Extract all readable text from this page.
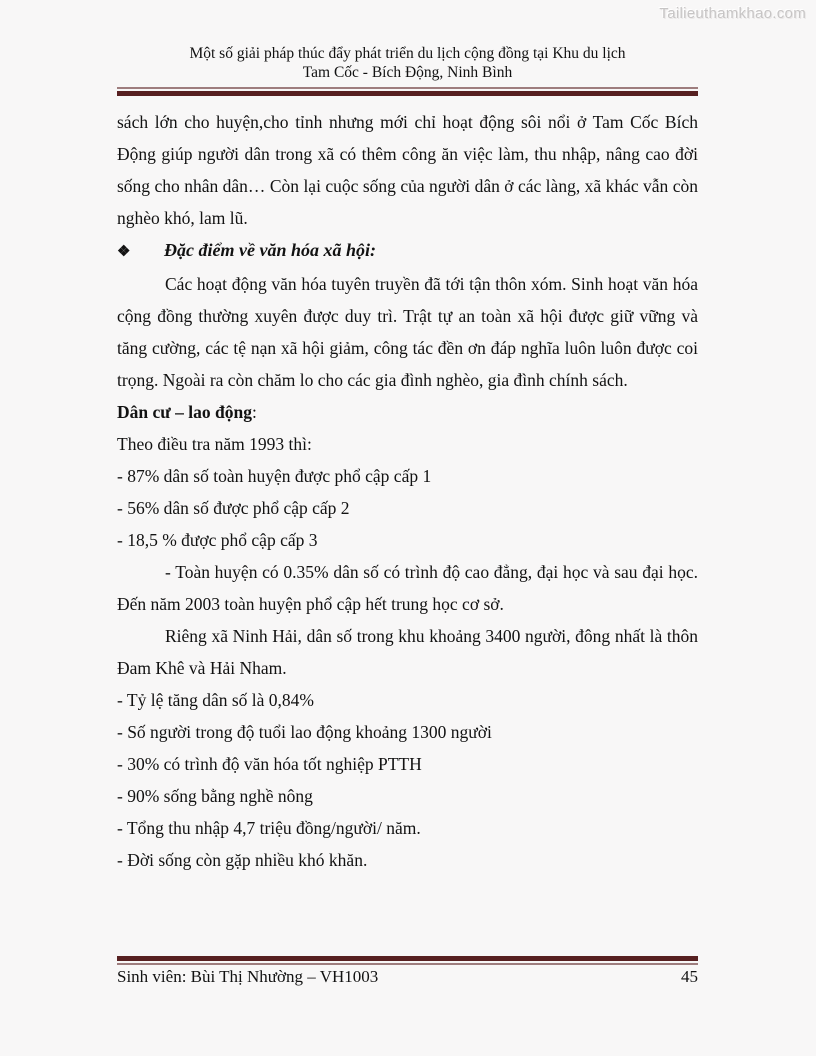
Tailieuthamkhao.com
Một số giải pháp thúc đẩy phát triển du lịch cộng đồng tại Khu du lịch
Tam Cốc - Bích Động, Ninh Bình

sách lớn cho huyện,cho tỉnh nhưng mới chỉ hoạt động sôi nổi ở Tam Cốc Bích Động giúp người dân trong xã có thêm công ăn việc làm, thu nhập, nâng cao đời sống cho nhân dân… Còn lại cuộc sống của người dân ở các làng, xã khác vẫn còn nghèo khó, lam lũ.

❖ Đặc điểm về văn hóa xã hội:

Các hoạt động văn hóa tuyên truyền đã tới tận thôn xóm. Sinh hoạt văn hóa cộng đồng thường xuyên được duy trì. Trật tự an toàn xã hội được giữ vững và tăng cường, các tệ nạn xã hội giảm, công tác đền ơn đáp nghĩa luôn luôn được coi trọng. Ngoài ra còn chăm lo cho các gia đình nghèo, gia đình chính sách.

Dân cư – lao động:

Theo điều tra năm 1993 thì:

- 87% dân số toàn huyện được phổ cập cấp 1

- 56% dân số được phổ cập cấp 2

- 18,5 % được phổ cập cấp 3

- Toàn huyện có 0.35% dân số có trình độ cao đẳng, đại học và sau đại học. Đến năm 2003 toàn huyện phổ cập hết trung học cơ sở.

Riêng xã Ninh Hải, dân số trong khu khoảng 3400 người, đông nhất là thôn Đam Khê và Hải Nham.

- Tỷ lệ tăng dân số là 0,84%

- Số người trong độ tuổi lao động khoảng 1300 người

- 30% có trình độ văn hóa tốt nghiệp PTTH

- 90% sống bằng nghề nông

- Tổng thu nhập 4,7 triệu đồng/người/ năm.

- Đời sống còn gặp nhiều khó khăn.

Sinh viên: Bùi Thị Nhường – VH1003	45
